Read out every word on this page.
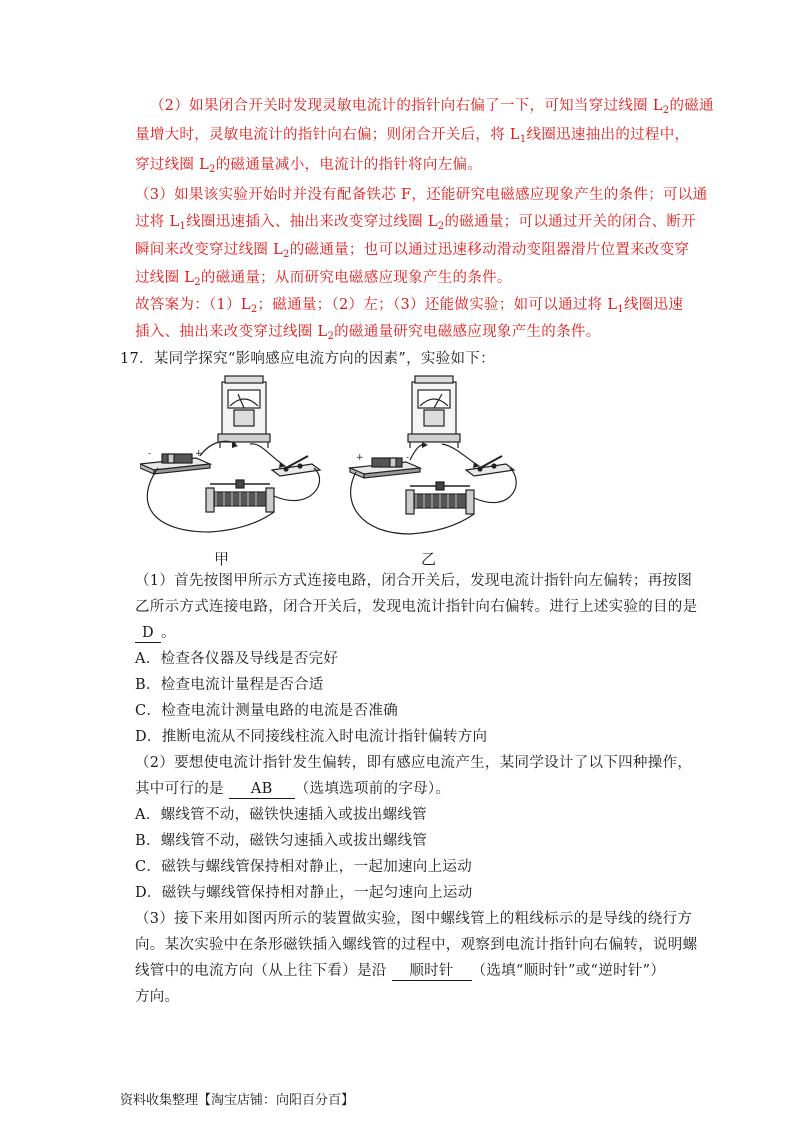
（2）如果闭合开关时发现灵敏电流计的指针向右偏了一下，可知当穿过线圈 $L_2$的磁通
量增大时，灵敏电流计的指针向右偏；则闭合开关后，将 $L_1$线圈迅速抽出的过程中，
穿过线圈 $L_2$的磁通量减小，电流计的指针将向左偏。
（3）如果该实验开始时并没有配备铁芯 F，还能研究电磁感应现象产生的条件；可以通
过将 $L_1$线圈迅速插入、抽出来改变穿过线圈 $L_2$的磁通量；可以通过开关的闭合、断开
瞬间来改变穿过线圈 $L_2$的磁通量；也可以通过迅速移动滑动变阻器滑片位置来改变穿
过线圈 $L_2$的磁通量；从而研究电磁感应现象产生的条件。
故答案为：$(1)L_2$；磁通量；（2）左；（3）还能做实验；如可以通过将 $L_1$线圈迅速
插入、抽出来改变穿过线圈 $L_2$的磁通量研究电磁感应现象产生的条件。
17．某同学探究“影响感应电流方向的因素”，实验如下：
-	+	+	-
甲	乙
（1）首先按图甲所示方式连接电路，闭合开关后，发现电流计指针向左偏转；再按图
乙所示方式连接电路，闭合开关后，发现电流计指针向右偏转。进行上述实验的目的是
D 。
A．检查各仪器及导线是否完好
B．检查电流计量程是否合适
C．检查电流计测量电路的电流是否准确
D．推断电流从不同接线柱流入时电流计指针偏转方向
（2）要想使电流计指针发生偏转，即有感应电流产生，某同学设计了以下四种操作，
其中可行的是 AB （选填选项前的字母）。
A．螺线管不动，磁铁快速插入或拔出螺线管
B．螺线管不动，磁铁匀速插入或拔出螺线管
C．磁铁与螺线管保持相对静止，一起加速向上运动
D．磁铁与螺线管保持相对静止，一起匀速向上运动
（3）接下来用如图丙所示的装置做实验，图中螺线管上的粗线标示的是导线的绕行方
向。某次实验中在条形磁铁插入螺线管的过程中，观察到电流计指针向右偏转，说明螺
线管中的电流方向（从上往下看）是沿 顺时针 （选填“顺时针”或“逆时针”）
方向。
资料收集整理【淘宝店铺：向阳百分百】
